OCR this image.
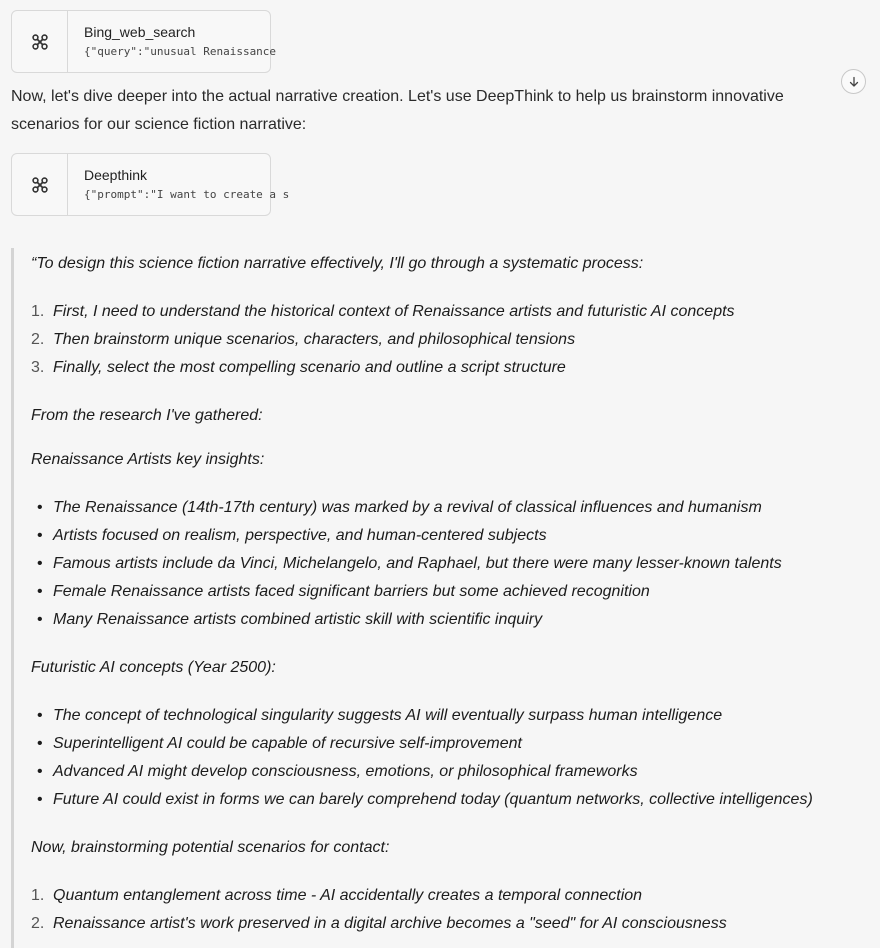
Bing_web_search
{"query":"unusual Renaissance
Now, let's dive deeper into the actual narrative creation. Let's use DeepThink to help us brainstorm innovative scenarios for our science fiction narrative:
Deepthink
{"prompt":"I want to create a s

“To design this science fiction narrative effectively, I'll go through a systematic process:

1. First, I need to understand the historical context of Renaissance artists and futuristic AI concepts
2. Then brainstorm unique scenarios, characters, and philosophical tensions
3. Finally, select the most compelling scenario and outline a script structure

From the research I've gathered:

Renaissance Artists key insights:

• The Renaissance (14th-17th century) was marked by a revival of classical influences and humanism
• Artists focused on realism, perspective, and human-centered subjects
• Famous artists include da Vinci, Michelangelo, and Raphael, but there were many lesser-known talents
• Female Renaissance artists faced significant barriers but some achieved recognition
• Many Renaissance artists combined artistic skill with scientific inquiry

Futuristic AI concepts (Year 2500):

• The concept of technological singularity suggests AI will eventually surpass human intelligence
• Superintelligent AI could be capable of recursive self-improvement
• Advanced AI might develop consciousness, emotions, or philosophical frameworks
• Future AI could exist in forms we can barely comprehend today (quantum networks, collective intelligences)

Now, brainstorming potential scenarios for contact:

1. Quantum entanglement across time - AI accidentally creates a temporal connection
2. Renaissance artist's work preserved in a digital archive becomes a "seed" for AI consciousness
